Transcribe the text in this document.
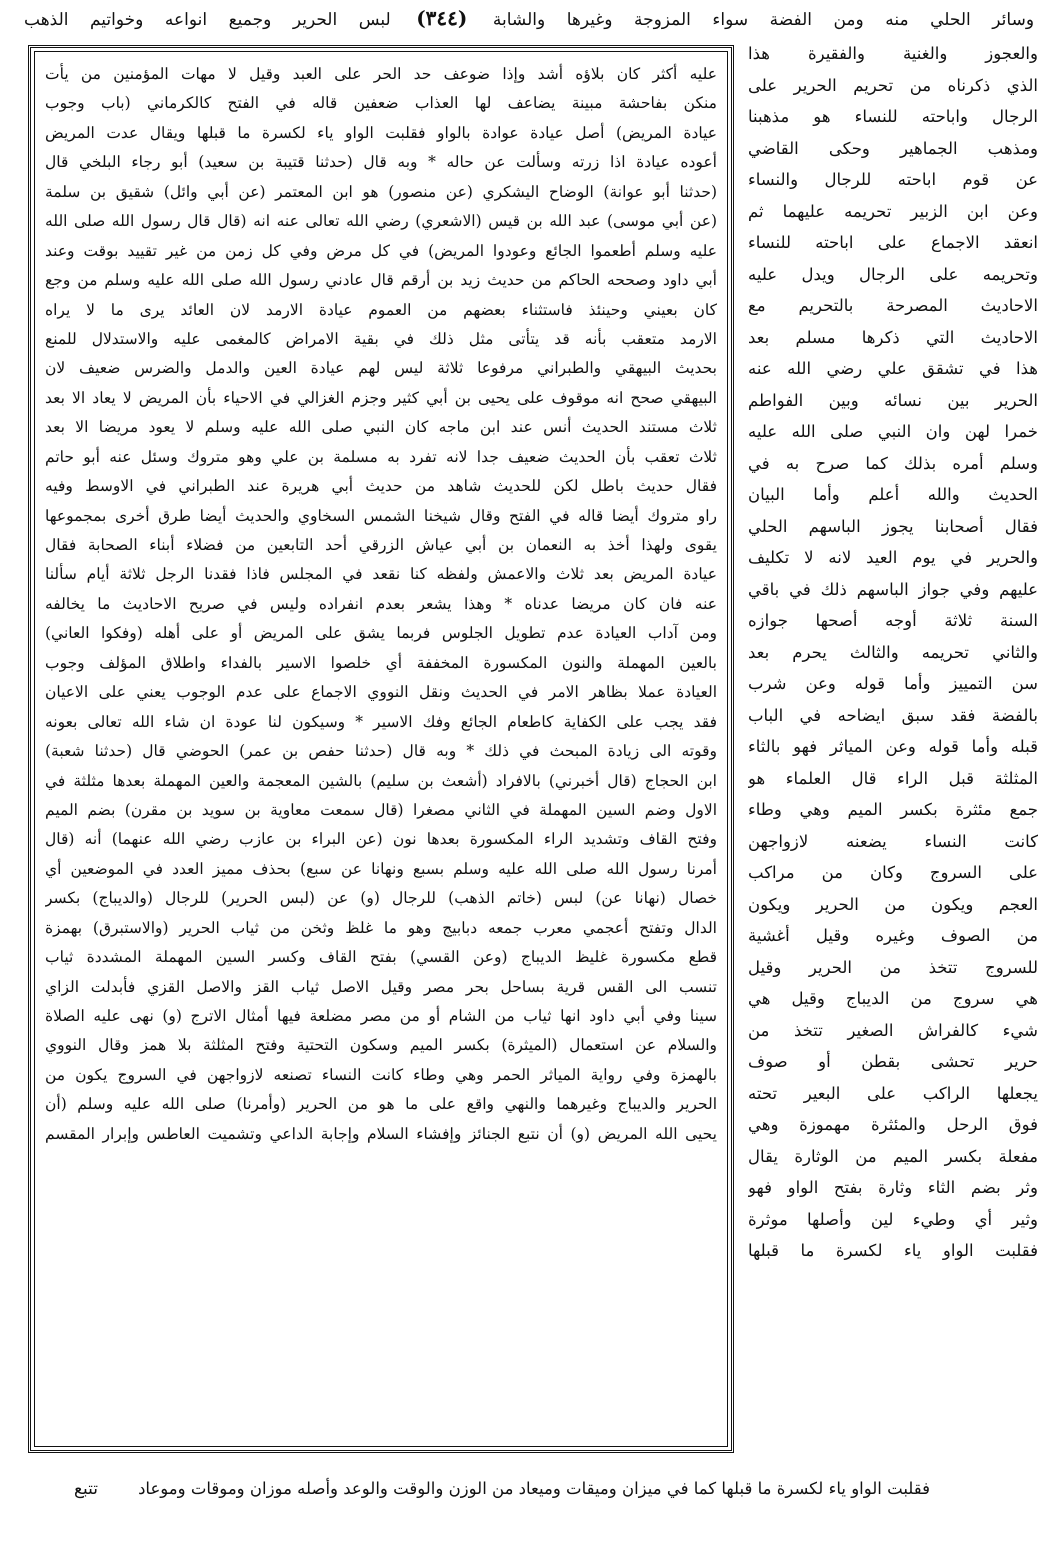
وسائر الحلي منه ومن الفضة سواء المزوجة وغيرها والشابة (٣٤٤) لبس الحرير وجميع انواعه وخواتيم الذهب
عليه أكثر كان بلاؤه أشد وإذا ضوعف حد الحر على العبد وقيل لا مهات المؤمنين من يأت
منكن بفاحشة مبينة يضاعف لها العذاب ضعفين قاله في الفتح كالكرماني (باب وجوب
عيادة المريض) أصل عيادة عوادة بالواو فقلبت الواو ياء لكسرة ما قبلها ويقال عدت المريض
أعوده عيادة اذا زرته وسألت عن حاله * وبه قال (حدثنا قتيبة بن سعيد) أبو رجاء البلخي قال
(حدثنا أبو عوانة) الوضاح اليشكري (عن منصور) هو ابن المعتمر (عن أبي وائل) شقيق بن سلمة
(عن أبي موسى) عبد الله بن قيس (الاشعري) رضي الله تعالى عنه انه (قال قال رسول الله صلى الله
عليه وسلم أطعموا الجائع وعودوا المريض) في كل مرض وفي كل زمن من غير تقييد بوقت وعند
أبي داود وصححه الحاكم من حديث زيد بن أرقم قال عادني رسول الله صلى الله عليه وسلم من وجع
كان بعيني وحينئذ فاستثناء بعضهم من العموم عيادة الارمد لان العائد يرى ما لا يراه
الارمد متعقب بأنه قد يتأتى مثل ذلك في بقية الامراض كالمغمى عليه والاستدلال للمنع
بحديث البيهقي والطبراني مرفوعا ثلاثة ليس لهم عيادة العين والدمل والضرس ضعيف لان
البيهقي صحح انه موقوف على يحيى بن أبي كثير وجزم الغزالي في الاحياء بأن المريض لا يعاد الا بعد
ثلاث مستند الحديث أنس عند ابن ماجه كان النبي صلى الله عليه وسلم لا يعود مريضا الا بعد
ثلاث تعقب بأن الحديث ضعيف جدا لانه تفرد به مسلمة بن علي وهو متروك وسئل عنه أبو حاتم
فقال حديث باطل لكن للحديث شاهد من حديث أبي هريرة عند الطبراني في الاوسط وفيه
راو متروك أيضا قاله في الفتح وقال شيخنا الشمس السخاوي والحديث أيضا طرق أخرى بمجموعها
يقوى ولهذا أخذ به النعمان بن أبي عياش الزرقي أحد التابعين من فضلاء أبناء الصحابة فقال
عيادة المريض بعد ثلاث والاعمش ولفظه كنا نقعد في المجلس فاذا فقدنا الرجل ثلاثة أيام سألنا
عنه فان كان مريضا عدناه * وهذا يشعر بعدم انفراده وليس في صريح الاحاديث ما يخالفه
ومن آداب العيادة عدم تطويل الجلوس فربما يشق على المريض أو على أهله (وفكوا العاني)
بالعين المهملة والنون المكسورة المخففة أي خلصوا الاسير بالفداء واطلاق المؤلف وجوب
العيادة عملا بظاهر الامر في الحديث ونقل النووي الاجماع على عدم الوجوب يعني على الاعيان
فقد يجب على الكفاية كاطعام الجائع وفك الاسير * وسيكون لنا عودة ان شاء الله تعالى بعونه
وقوته الى زيادة المبحث في ذلك * وبه قال (حدثنا حفص بن عمر) الحوضي قال (حدثنا شعبة)
ابن الحجاج (قال أخبرني) بالافراد (أشعث بن سليم) بالشين المعجمة والعين المهملة بعدها مثلثة في
الاول وضم السين المهملة في الثاني مصغرا (قال سمعت معاوية بن سويد بن مقرن) بضم الميم
وفتح القاف وتشديد الراء المكسورة بعدها نون (عن البراء بن عازب رضي الله عنهما) أنه (قال
أمرنا رسول الله صلى الله عليه وسلم بسبع ونهانا عن سبع) بحذف مميز العدد في الموضعين أي
خصال (نهانا عن) لبس (خاتم الذهب) للرجال (و) عن (لبس الحرير) للرجال (والديباج) بكسر
الدال وتفتح أعجمي معرب جمعه دبابيج وهو ما غلظ وثخن من ثياب الحرير (والاستبرق) بهمزة
قطع مكسورة غليظ الديباج (وعن القسي) بفتح القاف وكسر السين المهملة المشددة ثياب
تنسب الى القس قرية بساحل بحر مصر وقيل الاصل ثياب القز والاصل القزي فأبدلت الزاي
سينا وفي أبي داود انها ثياب من الشام أو من مصر مضلعة فيها أمثال الاترج (و) نهى عليه الصلاة
والسلام عن استعمال (الميثرة) بكسر الميم وسكون التحتية وفتح المثلثة بلا همز وقال النووي
بالهمزة وفي رواية المياثر الحمر وهي وطاء كانت النساء تصنعه لازواجهن في السروج يكون من
الحرير والديباج وغيرهما والنهي واقع على ما هو من الحرير (وأمرنا) صلى الله عليه وسلم (أن
يحيى الله المريض (و) أن نتبع الجنائز وإفشاء السلام وإجابة الداعي وتشميت العاطس وإبرار المقسم
والعجوز والغنية والفقيرة هذا
الذي ذكرناه من تحريم الحرير على
الرجال واباحته للنساء هو مذهبنا
ومذهب الجماهير وحكى القاضي
عن قوم اباحته للرجال والنساء
وعن ابن الزبير تحريمه عليهما ثم
انعقد الاجماع على اباحته للنساء
وتحريمه على الرجال ويدل عليه
الاحاديث المصرحة بالتحريم مع
الاحاديث التي ذكرها مسلم بعد
هذا في تشقق علي رضي الله عنه
الحرير بين نسائه وبين الفواطم
خمرا لهن وان النبي صلى الله عليه
وسلم أمره بذلك كما صرح به في
الحديث والله أعلم وأما البيان
فقال أصحابنا يجوز الباسهم الحلي
والحرير في يوم العيد لانه لا تكليف
عليهم وفي جواز الباسهم ذلك في باقي
السنة ثلاثة أوجه أصحها جوازه
والثاني تحريمه والثالث يحرم بعد
سن التمييز وأما قوله وعن شرب
بالفضة فقد سبق ايضاحه في الباب
قبله وأما قوله وعن المياثر فهو بالثاء
المثلثة قبل الراء قال العلماء هو
جمع مئثرة بكسر الميم وهي وطاء
كانت النساء يضعنه لازواجهن
على السروج وكان من مراكب
العجم ويكون من الحرير ويكون
من الصوف وغيره وقيل أغشية
للسروج تتخذ من الحرير وقيل
هي سروج من الديباج وقيل هي
شيء كالفراش الصغير تتخذ من
حرير تحشى بقطن أو صوف
يجعلها الراكب على البعير تحته
فوق الرحل والمئثرة مهموزة وهي
مفعلة بكسر الميم من الوثارة يقال
وثر بضم الثاء وثارة بفتح الواو فهو
وثير أي وطيء لين وأصلها موثرة
فقلبت الواو ياء لكسرة ما قبلها
فقلبت الواو ياء لكسرة ما قبلها كما في ميزان وميقات وميعاد من الوزن والوقت والوعد وأصله موزان وموقات وموعاد
تتبع
